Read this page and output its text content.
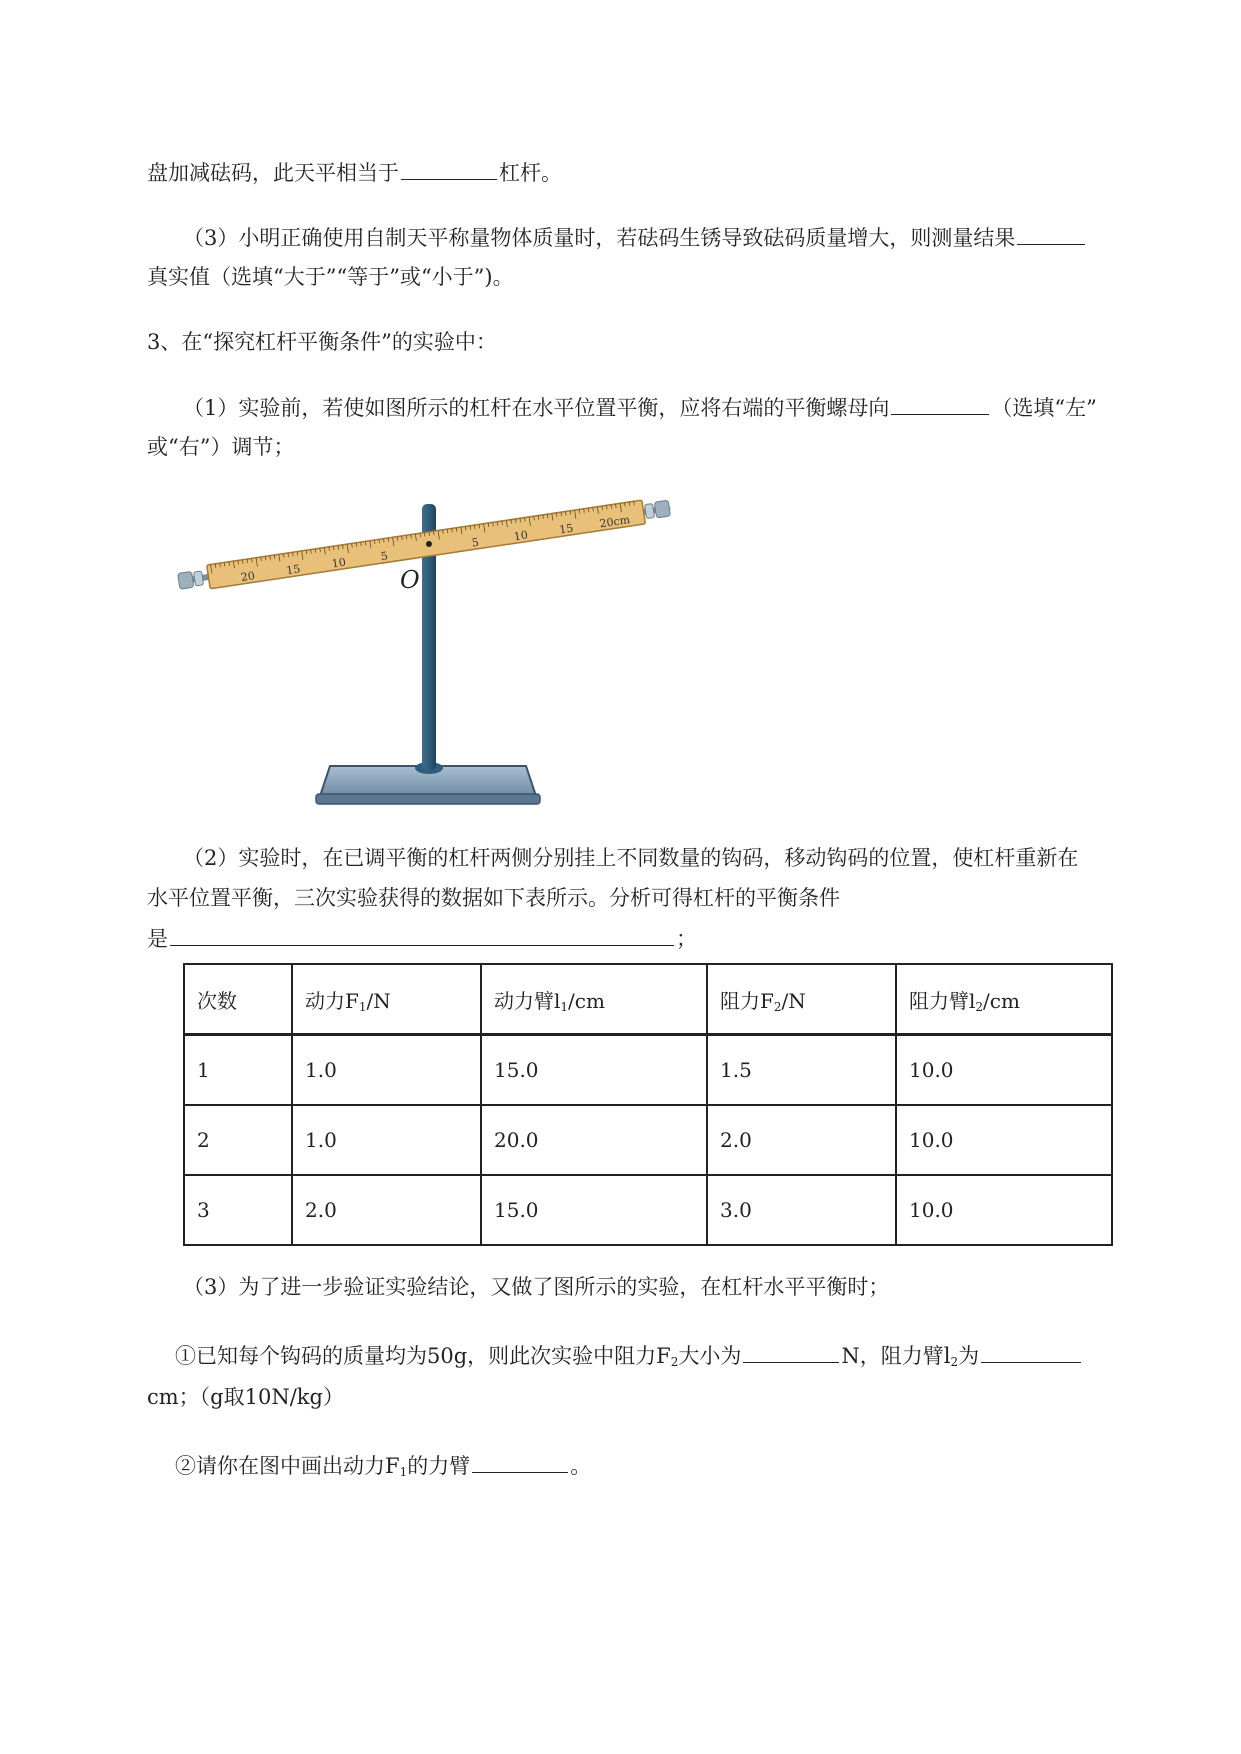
盘加减砝码，此天平相当于	杠杆。
（3）小明正确使用自制天平称量物体质量时，若砝码生锈导致砝码质量增大，则测量结果
真实值（选填“大于”“等于”或“小于”)。
3、在“探究杠杆平衡条件”的实验中：
（1）实验前，若使如图所示的杠杆在水平位置平衡，应将右端的平衡螺母向	（选填“左”
或“右”）调节；
20	15	10	5
5	10	15 20cm
O
（2）实验时，在已调平衡的杠杆两侧分别挂上不同数量的钩码，移动钩码的位置，使杠杆重新在
水平位置平衡，三次实验获得的数据如下表所示。分析可得杠杆的平衡条件
是	；
次数	动力$F_1/N$	动力臂$l_1/cm$	阻力$F_2/N$	阻力臂$l_2/cm$
1	1.0	15.0	1.5	10.0
2	1.0	20.0	2.0	10.0
3	2.0	15.0	3.0	10.0
（3）为了进一步验证实验结论，又做了图所示的实验，在杠杆水平平衡时；
①已知每个钩码的质量均为50g，则此次实验中阻力$F_2$大小为	N，阻力臂$l_2$为
cm；（g取10N/kg）
②请你在图中画出动力$F_1$的力臂	。
